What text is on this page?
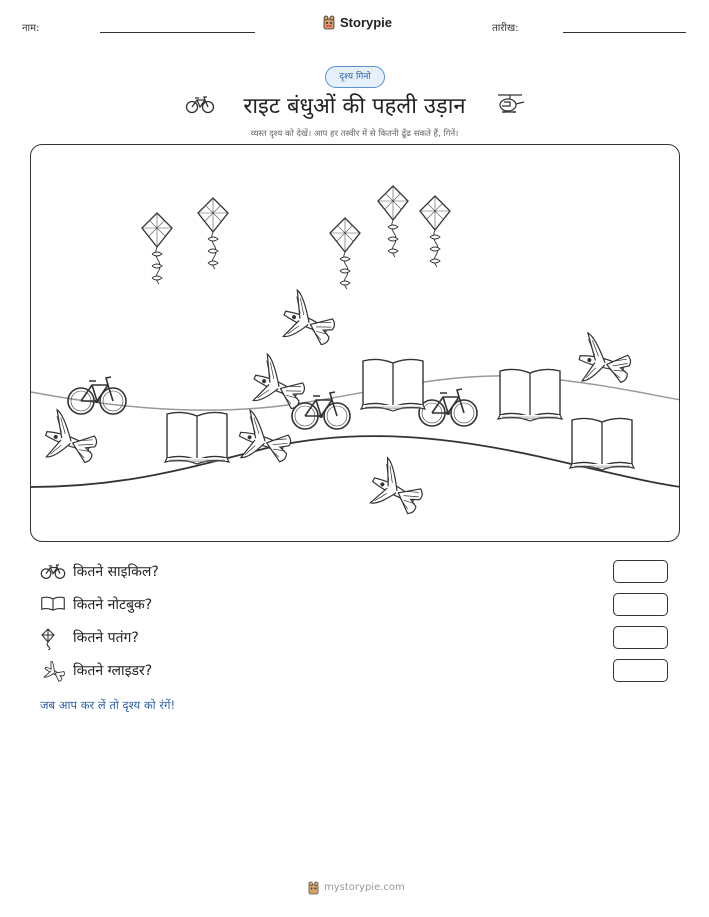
नाम:	Storypie	तारीख:
दृश्य गिनो
राइट बंधुओं की पहली उड़ान
व्यस्त दृश्य को देखें। आप हर तस्वीर में से कितनी ढूँढ सकते हैं, गिनें।
कितने साइकिल?
कितने नोटबुक?
कितने पतंग?
कितने ग्लाइडर?
जब आप कर लें तो दृश्य को रंगें!
mystorypie.com
